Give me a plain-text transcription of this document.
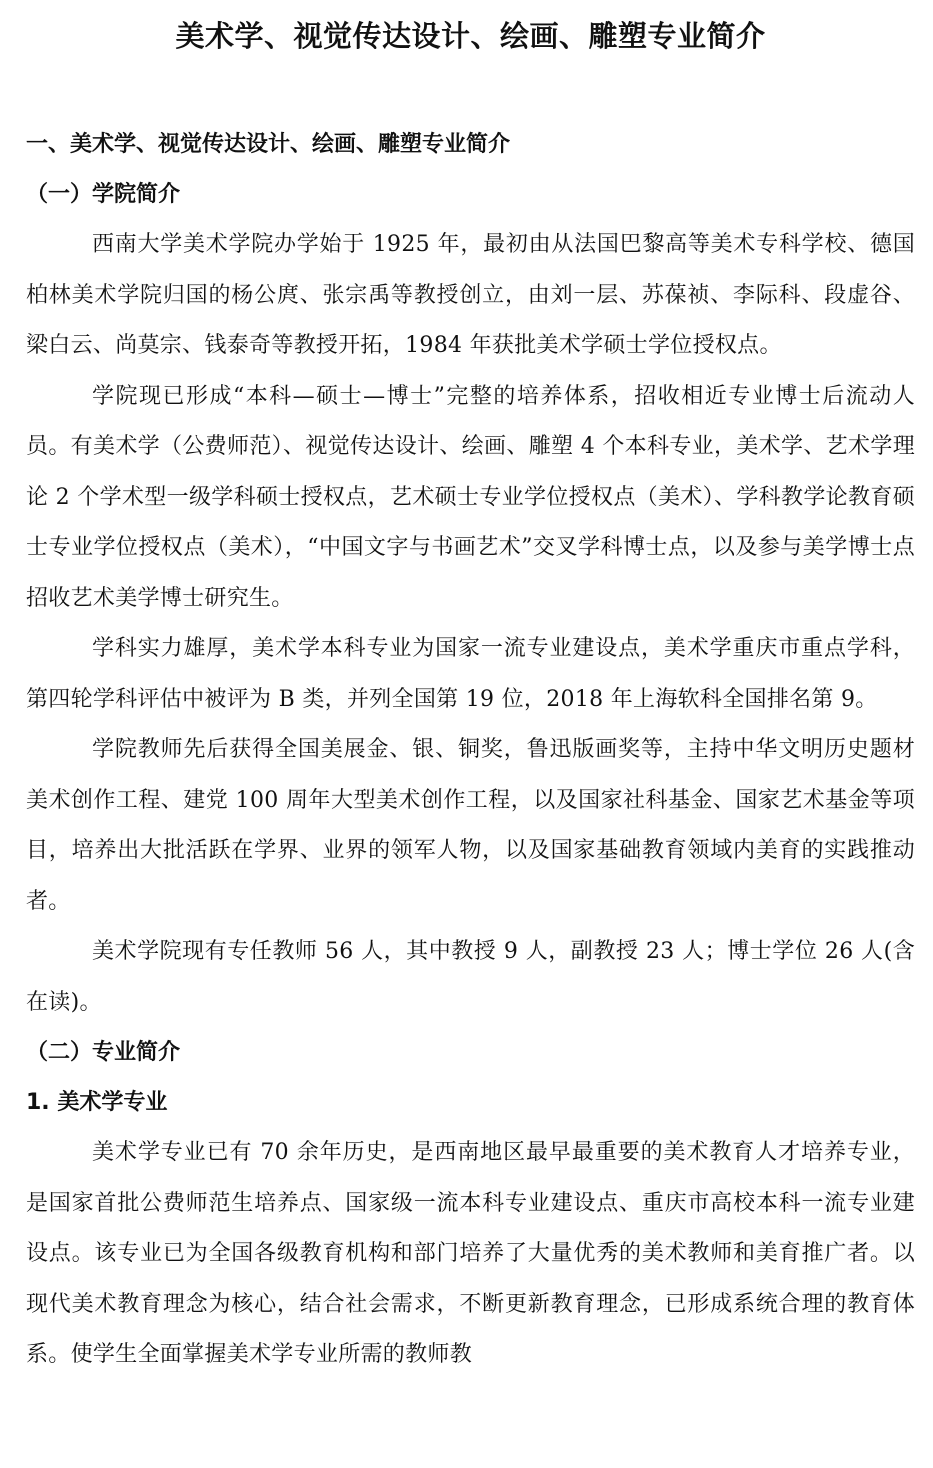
美术学、视觉传达设计、绘画、雕塑专业简介
一、美术学、视觉传达设计、绘画、雕塑专业简介
（一）学院简介

西南大学美术学院办学始于 1925 年，最初由从法国巴黎高等美术专科学校、德国柏林美术学院归国的杨公庹、张宗禹等教授创立，由刘一层、苏葆祯、李际科、段虚谷、梁白云、尚莫宗、钱泰奇等教授开拓，1984 年获批美术学硕士学位授权点。

学院现已形成“本科—硕士—博士”完整的培养体系，招收相近专业博士后流动人员。有美术学（公费师范）、视觉传达设计、绘画、雕塑 4 个本科专业，美术学、艺术学理论 2 个学术型一级学科硕士授权点，艺术硕士专业学位授权点（美术）、学科教学论教育硕士专业学位授权点（美术），“中国文字与书画艺术”交叉学科博士点，以及参与美学博士点招收艺术美学博士研究生。

学科实力雄厚，美术学本科专业为国家一流专业建设点，美术学重庆市重点学科，第四轮学科评估中被评为 B 类，并列全国第 19 位，2018 年上海软科全国排名第 9。

学院教师先后获得全国美展金、银、铜奖，鲁迅版画奖等，主持中华文明历史题材美术创作工程、建党 100 周年大型美术创作工程，以及国家社科基金、国家艺术基金等项目，培养出大批活跃在学界、业界的领军人物，以及国家基础教育领域内美育的实践推动者。

美术学院现有专任教师 56 人，其中教授 9 人，副教授 23 人；博士学位 26 人(含在读)。

（二）专业简介
1. 美术学专业

美术学专业已有 70 余年历史，是西南地区最早最重要的美术教育人才培养专业，是国家首批公费师范生培养点、国家级一流本科专业建设点、重庆市高校本科一流专业建设点。该专业已为全国各级教育机构和部门培养了大量优秀的美术教师和美育推广者。以现代美术教育理念为核心，结合社会需求，不断更新教育理念，已形成系统合理的教育体系。使学生全面掌握美术学专业所需的教师教
